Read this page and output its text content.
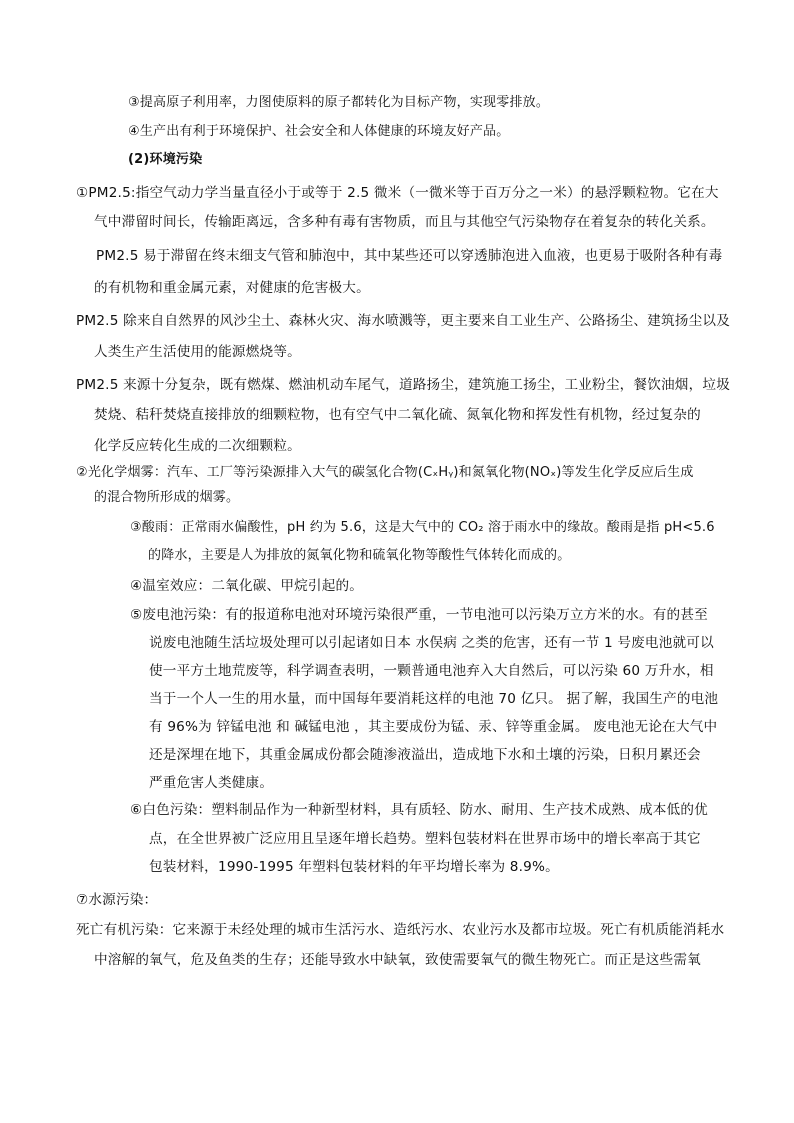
③提高原子利用率，力图使原料的原子都转化为目标产物，实现零排放。
④生产出有利于环境保护、社会安全和人体健康的环境友好产品。
(2)环境污染
①PM2.5:指空气动力学当量直径小于或等于 2.5 微米（一微米等于百万分之一米）的悬浮颗粒物。它在大
气中滞留时间长，传输距离远，含多种有毒有害物质，而且与其他空气污染物存在着复杂的转化关系。
PM2.5 易于滞留在终末细支气管和肺泡中，其中某些还可以穿透肺泡进入血液，也更易于吸附各种有毒
的有机物和重金属元素，对健康的危害极大。
PM2.5 除来自自然界的风沙尘土、森林火灾、海水喷溅等，更主要来自工业生产、公路扬尘、建筑扬尘以及
人类生产生活使用的能源燃烧等。
PM2.5 来源十分复杂，既有燃煤、燃油机动车尾气，道路扬尘，建筑施工扬尘，工业粉尘，餐饮油烟，垃圾
焚烧、秸秆焚烧直接排放的细颗粒物，也有空气中二氧化硫、氮氧化物和挥发性有机物，经过复杂的
化学反应转化生成的二次细颗粒。
②光化学烟雾：汽车、工厂等污染源排入大气的碳氢化合物(CₓHᵧ)和氮氧化物(NOₓ)等发生化学反应后生成
的混合物所形成的烟雾。
③酸雨：正常雨水偏酸性，pH 约为 5.6，这是大气中的 CO₂ 溶于雨水中的缘故。酸雨是指 pH<5.6
的降水，主要是人为排放的氮氧化物和硫氧化物等酸性气体转化而成的。
④温室效应：二氧化碳、甲烷引起的。
⑤废电池污染：有的报道称电池对环境污染很严重，一节电池可以污染万立方米的水。有的甚至
说废电池随生活垃圾处理可以引起诸如日本 水俣病 之类的危害，还有一节 1 号废电池就可以
使一平方土地荒废等，科学调查表明，一颗普通电池弃入大自然后，可以污染 60 万升水，相
当于一个人一生的用水量，而中国每年要消耗这样的电池 70 亿只。 据了解，我国生产的电池
有 96%为 锌锰电池 和 碱锰电池 ，其主要成份为锰、汞、锌等重金属。 废电池无论在大气中
还是深埋在地下，其重金属成份都会随渗液溢出，造成地下水和土壤的污染，日积月累还会
严重危害人类健康。
⑥白色污染：塑料制品作为一种新型材料，具有质轻、防水、耐用、生产技术成熟、成本低的优
点，在全世界被广泛应用且呈逐年增长趋势。塑料包装材料在世界市场中的增长率高于其它
包装材料，1990-1995 年塑料包装材料的年平均增长率为 8.9%。
⑦水源污染：
死亡有机污染：它来源于未经处理的城市生活污水、造纸污水、农业污水及都市垃圾。死亡有机质能消耗水
中溶解的氧气，危及鱼类的生存；还能导致水中缺氧，致使需要氧气的微生物死亡。而正是这些需氧
